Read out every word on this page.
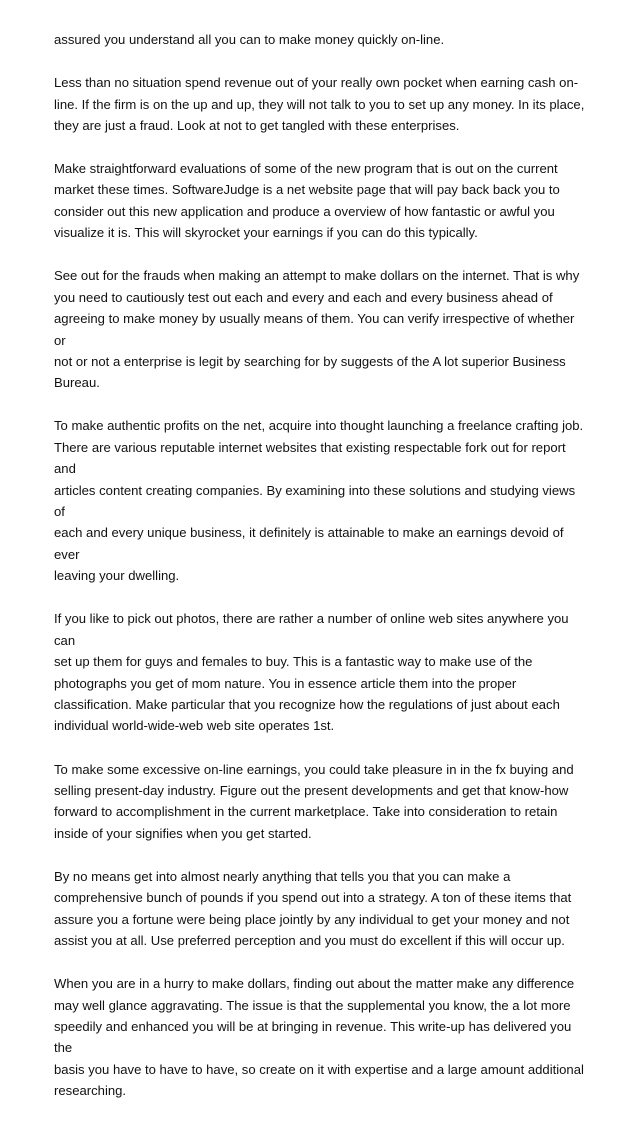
assured you understand all you can to make money quickly on-line.

Less than no situation spend revenue out of your really own pocket when earning cash on-
line. If the firm is on the up and up, they will not talk to you to set up any money. In its place,
they are just a fraud. Look at not to get tangled with these enterprises.

Make straightforward evaluations of some of the new program that is out on the current
market these times. SoftwareJudge is a net website page that will pay back back you to
consider out this new application and produce a overview of how fantastic or awful you
visualize it is. This will skyrocket your earnings if you can do this typically.

See out for the frauds when making an attempt to make dollars on the internet. That is why
you need to cautiously test out each and every and each and every business ahead of
agreeing to make money by usually means of them. You can verify irrespective of whether or
not or not a enterprise is legit by searching for by suggests of the A lot superior Business
Bureau.

To make authentic profits on the net, acquire into thought launching a freelance crafting job.
There are various reputable internet websites that existing respectable fork out for report and
articles content creating companies. By examining into these solutions and studying views of
each and every unique business, it definitely is attainable to make an earnings devoid of ever
leaving your dwelling.

If you like to pick out photos, there are rather a number of online web sites anywhere you can
set up them for guys and females to buy. This is a fantastic way to make use of the
photographs you get of mom nature. You in essence article them into the proper
classification. Make particular that you recognize how the regulations of just about each
individual world-wide-web web site operates 1st.

To make some excessive on-line earnings, you could take pleasure in in the fx buying and
selling present-day industry. Figure out the present developments and get that know-how
forward to accomplishment in the current marketplace. Take into consideration to retain
inside of your signifies when you get started.

By no means get into almost nearly anything that tells you that you can make a
comprehensive bunch of pounds if you spend out into a strategy. A ton of these items that
assure you a fortune were being place jointly by any individual to get your money and not
assist you at all. Use preferred perception and you must do excellent if this will occur up.

When you are in a hurry to make dollars, finding out about the matter make any difference
may well glance aggravating. The issue is that the supplemental you know, the a lot more
speedily and enhanced you will be at bringing in revenue. This write-up has delivered you the
basis you have to have to have, so create on it with expertise and a large amount additional
researching.
